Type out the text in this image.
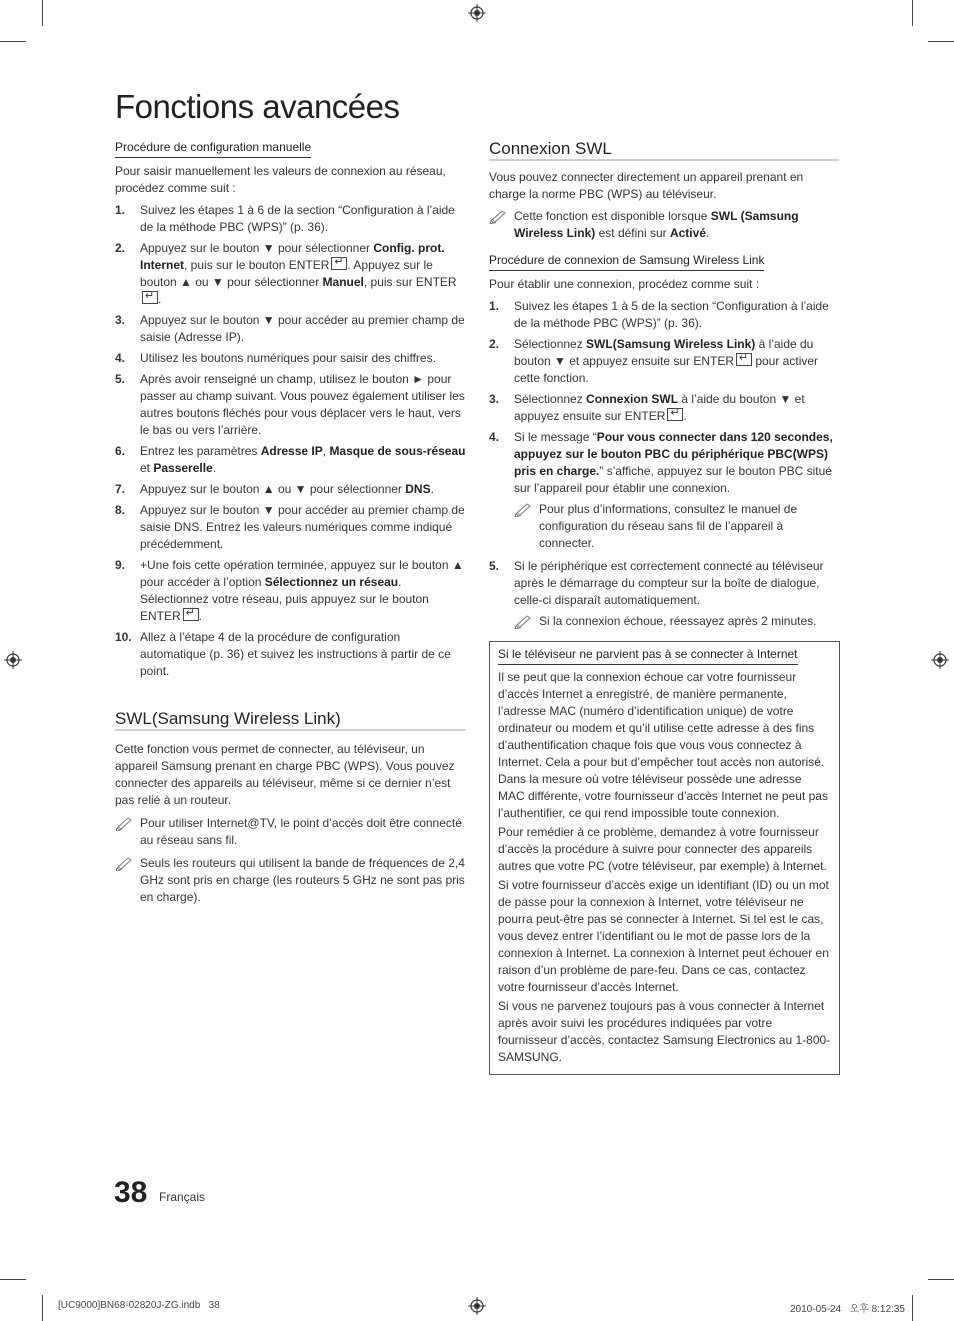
Fonctions avancées
Procédure de configuration manuelle

Pour saisir manuellement les valeurs de connexion au réseau, procédez comme suit :

1. Suivez les étapes 1 à 6 de la section “Configuration à l’aide de la méthode PBC (WPS)” (p. 36).
2. Appuyez sur le bouton ▼ pour sélectionner Config. prot. Internet, puis sur le bouton ENTER ↵ . Appuyez sur le bouton ▲ ou ▼ pour sélectionner Manuel, puis sur ENTER↵.
3. Appuyez sur le bouton ▼ pour accéder au premier champ de saisie (Adresse IP).
4. Utilisez les boutons numériques pour saisir des chiffres.
5. Après avoir renseigné un champ, utilisez le bouton ► pour passer au champ suivant. Vous pouvez également utiliser les autres boutons fléchés pour vous déplacer vers le haut, vers le bas ou vers l’arrière.
6. Entrez les paramètres Adresse IP, Masque de sous-réseau et Passerelle.
7. Appuyez sur le bouton ▲ ou ▼ pour sélectionner DNS.
8. Appuyez sur le bouton ▼ pour accéder au premier champ de saisie DNS. Entrez les valeurs numériques comme indiqué précédemment.
9. +Une fois cette opération terminée, appuyez sur le bouton ▲ pour accéder à l’option Sélectionnez un réseau. Sélectionnez votre réseau, puis appuyez sur le bouton ENTER ↵ .
10. Allez à l’étape 4 de la procédure de configuration automatique (p. 36) et suivez les instructions à partir de ce point.
SWL(Samsung Wireless Link)

Cette fonction vous permet de connecter, au téléviseur, un appareil Samsung prenant en charge PBC (WPS). Vous pouvez connecter des appareils au téléviseur, même si ce dernier n’est pas relié à un routeur.

Pour utiliser Internet@TV, le point d’accès doit être connecté au réseau sans fil.
Seuls les routeurs qui utilisent la bande de fréquences de 2,4 GHz sont pris en charge (les routeurs 5 GHz ne sont pas pris en charge).
Connexion SWL

Vous pouvez connecter directement un appareil prenant en charge la norme PBC (WPS) au téléviseur.

Cette fonction est disponible lorsque SWL (Samsung Wireless Link) est défini sur Activé.
Procédure de connexion de Samsung Wireless Link

Pour établir une connexion, procédez comme suit :

1. Suivez les étapes 1 à 5 de la section “Configuration à l’aide de la méthode PBC (WPS)” (p. 36).
2. Sélectionnez SWL(Samsung Wireless Link) à l’aide du bouton ▼ et appuyez ensuite sur ENTER↵ pour activer cette fonction.
3. Sélectionnez Connexion SWL à l’aide du bouton ▼ et appuyez ensuite sur ENTER ↵ .
4. Si le message “Pour vous connecter dans 120 secondes, appuyez sur le bouton PBC du périphérique PBC(WPS) pris en charge.” s’affiche, appuyez sur le bouton PBC situé sur l’appareil pour établir une connexion.
Pour plus d’informations, consultez le manuel de configuration du réseau sans fil de l’appareil à connecter.
5. Si le périphérique est correctement connecté au téléviseur après le démarrage du compteur sur la boîte de dialogue, celle-ci disparaît automatiquement.
Si la connexion échoue, réessayez après 2 minutes.
Si le téléviseur ne parvient pas à se connecter à Internet

Il se peut que la connexion échoue car votre fournisseur d’accès Internet a enregistré, de manière permanente, l’adresse MAC (numéro d’identification unique) de votre ordinateur ou modem et qu’il utilise cette adresse à des fins d’authentification chaque fois que vous vous connectez à Internet. Cela a pour but d’empêcher tout accès non autorisé. Dans la mesure où votre téléviseur possède une adresse MAC différente, votre fournisseur d’accès Internet ne peut pas l’authentifier, ce qui rend impossible toute connexion.

Pour remédier à ce problème, demandez à votre fournisseur d’accès la procédure à suivre pour connecter des appareils autres que votre PC (votre téléviseur, par exemple) à Internet.

Si votre fournisseur d’accès exige un identifiant (ID) ou un mot de passe pour la connexion à Internet, votre téléviseur ne pourra peut-être pas se connecter à Internet. Si tel est le cas, vous devez entrer l’identifiant ou le mot de passe lors de la connexion à Internet. La connexion à Internet peut échouer en raison d’un problème de pare-feu. Dans ce cas, contactez votre fournisseur d’accès Internet.

Si vous ne parvenez toujours pas à vous connecter à Internet après avoir suivi les procédures indiquées par votre fournisseur d’accès, contactez Samsung Electronics au 1-800-SAMSUNG.

38 Français
[UC9000]BN68-02820J-ZG.indb   38	2010-05-24   오후 8:12:35
